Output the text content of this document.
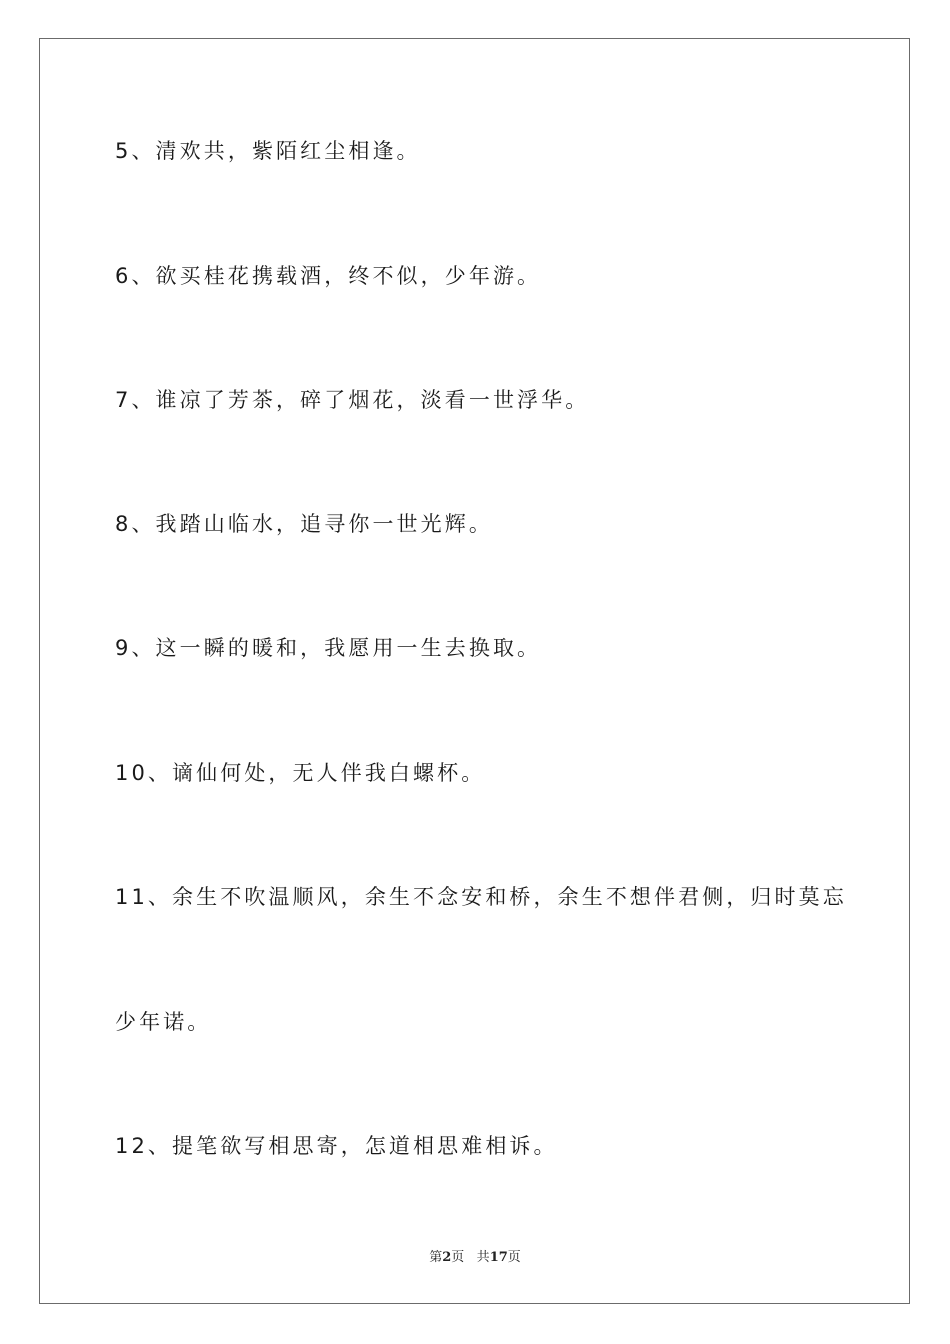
5、清欢共，紫陌红尘相逢。
6、欲买桂花携载酒，终不似，少年游。
7、谁凉了芳茶，碎了烟花，淡看一世浮华。
8、我踏山临水，追寻你一世光辉。
9、这一瞬的暖和，我愿用一生去换取。
10、谪仙何处，无人伴我白螺杯。
11、余生不吹温顺风，余生不念安和桥，余生不想伴君侧，归时莫忘
少年诺。
12、提笔欲写相思寄，怎道相思难相诉。
第2页 共17页
